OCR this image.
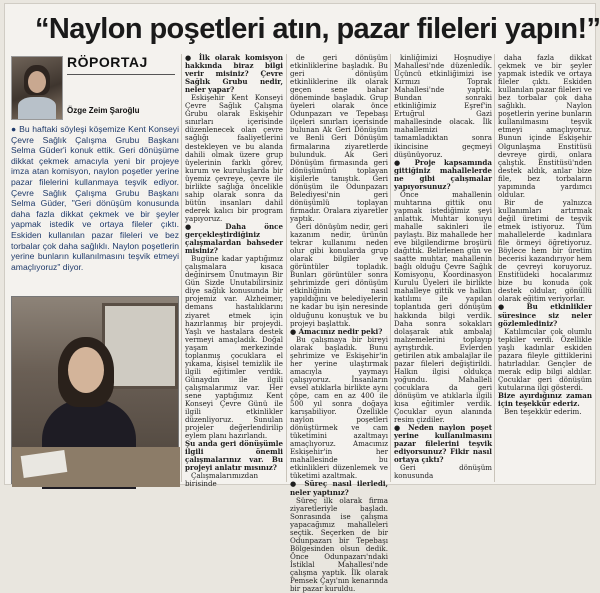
“Naylon poşetleri atın, pazar fileleri yapın!”
RÖPORTAJ
Özge Zeim Şaroğlu
● Bu haftaki söyleşi köşemize Kent Konseyi Çevre Sağlık Çalışma Grubu Başkanı Selma Güder'i konuk ettik. Geri dönüşüme dikkat çekmek amacıyla yeni bir projeye imza atan komisyon, naylon poşetler yerine pazar filelerini kullanmaya teşvik ediyor. Çevre Sağlık Çalışma Grubu Başkanı Selma Güder, "Geri dönüşüm konusunda daha fazla dikkat çekmek ve bir şeyler yapmak istedik ve ortaya fileler çıktı. Eskiden kullanılan pazar fileleri ve bez torbalar çok daha sağlıklı. Naylon poşetlerin yerine bunların kullanılmasını teşvik etmeyi amaçlıyoruz" diyor.

● İlk olarak komisyon hakkında biraz bilgi verir misiniz? Çevre Sağlık Grubu nedir, neler yapar?

Eskişehir Kent Konseyi Çevre Sağlık Çalışma Grubu olarak Eskişehir sınırları içerisinde düzenlenecek olan çevre sağlığı faaliyetlerini destekleyen ve bu alanda dahili olmak üzere grup üyelerinin farklı görev, kurum ve kuruluşlarda bir üyemiz çevreye, çevre ile birlikte sağlığa öncelikle sahip olarak sonra da bütün insanları dahil ederek kalıcı bir program yapıyoruz.

● Daha önce gerçekleştirdiğiniz çalışmalardan bahseder misiniz?

Bugüne kadar yaptığımız çalışmalara kısaca değinirsem Ünutmayın Bir Gün Sizde Unutabilirsiniz diye sağlık konusunda bir projemiz var. Alzheimer, demans hastalıklarını ziyaret etmek için hazırlanmış bir projeydi. Yaşlı ve hastalara destek vermeyi amaçladık. Doğal yaşam merkezinde toplanmış çocuklara el yıkama, kişisel temizlik ile ilgili eğitimler verdik. Günaydın ile ilgili çalışmalarımız var. Her sene yaptığımız Kent Konseyi Çevre Günü ile ilgili etkinlikler düzenliyoruz. Sunulan projeler değerlendirilip eylem planı hazırlandı.

Şu anda geri dönüşümle ilgili önemli çalışmalarınız var. Bu projeyi anlatır mısınız?

Çalışmalarımızdan birisinde

de geri dönüşüm etkinliklerine başladık. Bu geri dönüşüm etkinliklerine ilk olarak geçen sene bahar döneminde başladık. Grup üyeleri olarak önce Odunpazarı ve Tepebaşı ilçeleri sınırları içerisinde bulunan Ak Geri Dönüşüm ve Benli Geri Dönüşüm firmalarına ziyaretlerde bulunduk. Ak Geri Dönüşüm firmasında geri dönüşümünü toplayan kişilerle tanıştık. Geri dönüşüm ile Odunpazarı Belediyesi'nin geri dönüşümlü toplayan firmadır. Oralara ziyaretler yaptık.

Geri dönüşüm nedir, geri kazanım nedir, ürünün tekrar kullanımı neden olur gibi konularda grup olarak bilgiler ve görüntüler topladık. Bunları görüntüler sonra şehrimizde geri dönüşüm etkinliğinin nasıl yapıldığını ve belediyelerin ne kadar bu işin neresinde olduğunu konuştuk ve bu projeyi başlattık.

● Amacınız nedir peki?

Bu çalışmaya bir bireyi olarak başladık. Bunu şehrimize ve Eskişehir'in her yerine ulaştırmak amacıyla yaymayı çalışıyoruz. İnsanların evsel atıklarla birlikte aynı çöpe, cam en az 400 ile 500 yıl sonra doğaya karışabiliyor. Özellikle naylon poşetleri dönüştürmek ve cam tüketimini azaltmayı amaçlıyoruz. Amacımız Eskişehir'in her mahallesinde bu etkinlikleri düzenlemek ve tüketimi azaltmak.

● Süreç nasıl ilerledi, neler yaptınız?

Süreç ilk olarak firma ziyaretleriyle başladı. Sonrasında ise çalışma yapacağımız mahalleleri seçtik. Seçerken de bir Odunpazarı bir Tepebaşı Bölgesinden olsun dedik. Önce Odunpazarı'ndaki İstiklal Mahallesi'nde çalışma yaptık. İlk olarak Pemsek Çayı'nın kenarında bir pazar kuruldu.

kinliğimizi Hoşnudiye Mahallesi'nde düzenledik. Üçüncü etkinliğimizi ise Kırmızı Toprak Mahallesi'nde yaptık. Bundan sonraki etkinliğimiz Eşref'in Ertuğrul Gazi mahallesinde olacak. İlk mahallemizi tamamladıktan sonra ikincisine geçmeyi düşünüyoruz.

● Proje kapsamında gittiğiniz mahallelerde ne gibi çalışmalar yapıyorsunuz?

Önce mahallenin muhtarına gittik onu yapmak istediğimiz şeyi anlattık. Muhtar konuyu mahalle sakinleri ile paylaştı. Biz mahallede her eve bilgilendirme broşürü dağıttık. Belirlenen gün ve saatte muhtar, mahallenin bağlı olduğu Çevre Sağlık Komisyonu, Koordinasyon Kurulu Üyeleri ile birlikte mahalleye gittik ve halkın katılımı ile yapılan toplantıda geri dönüşüm hakkında bilgi verdik. Daha sonra sokakları dolaşarak atık ambalaj malzemelerini toplayıp ayrıştırdık. Evlerden getirilen atık ambalajlar ile pazar fileleri değiştirildi. Halkın ilgisi oldukça yoğundu. Mahalleli çocuklara da geri dönüşüm ve atıklarla ilgili kısa eğitimler verdik. Çocuklar oyun alanında resim çizdiler.

● Neden naylon poşet yerine kullanılmasını pazar filelerini teşvik ediyorsunuz? Fikir nasıl ortaya çıktı?

Geri dönüşüm konusunda

daha fazla dikkat çekmek ve bir şeyler yapmak istedik ve ortaya fileler çıktı. Eskiden kullanılan pazar fileleri ve bez torbalar çok daha sağlıklı. Naylon poşetlerin yerine bunların kullanılmasını teşvik etmeyi amaçlıyoruz. Bunun içinde Eskişehir Olgunlaşma Enstitüsü devreye girdi, onlara çalıştık. Enstitüsü'nden destek aldık, anlar bize file, bez torbaların yapımında yardımcı oldular.

Bir de yalnızca kullanımları artırmak değil üretimi de teşvik etmek istiyoruz. Tüm mahallelerde kadınlara file örmeyi öğretiyoruz. Böylece hem bir üretim becerisi kazandırıyor hem de çevreyi koruyoruz. Enstitüdeki hocalarımız bize bu konuda çok destek oldular, gönüllü olarak eğitim veriyorlar.

● Bu etkinlikler süresince siz neler gözlemlediniz?

Katılımcılar çok olumlu tepkiler verdi. Özellikle yaşlı kadınlar eskiden pazara fileyle gittiklerini hatırladılar. Gençler de merak edip bilgi aldılar. Çocuklar geri dönüşüm kutularına ilgi gösterdi.

Bize ayırdığınız zaman için teşekkür ederiz.

Ben teşekkür ederim.
